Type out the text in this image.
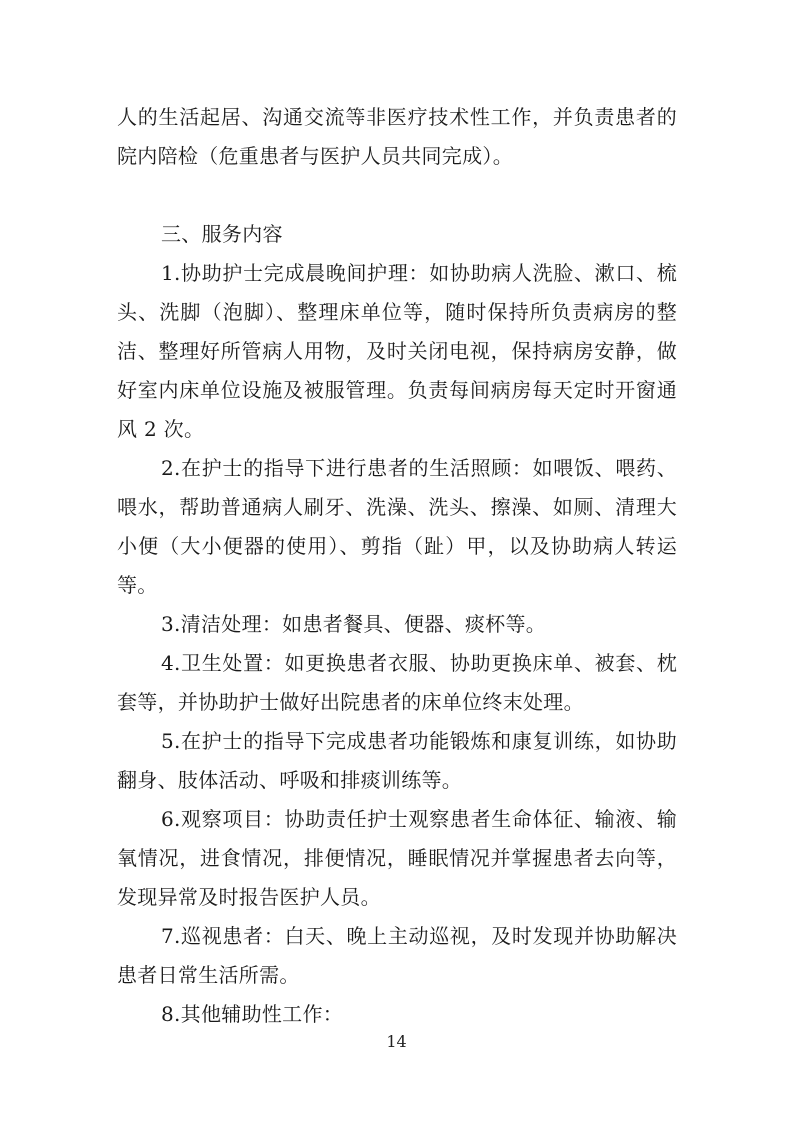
人的生活起居、沟通交流等非医疗技术性工作，并负责患者的院内陪检（危重患者与医护人员共同完成）。

三、服务内容

1.协助护士完成晨晚间护理：如协助病人洗脸、漱口、梳头、洗脚（泡脚）、整理床单位等，随时保持所负责病房的整洁、整理好所管病人用物，及时关闭电视，保持病房安静，做好室内床单位设施及被服管理。负责每间病房每天定时开窗通风 2 次。

2.在护士的指导下进行患者的生活照顾：如喂饭、喂药、喂水，帮助普通病人刷牙、洗澡、洗头、擦澡、如厕、清理大小便（大小便器的使用）、剪指（趾）甲，以及协助病人转运等。

3.清洁处理：如患者餐具、便器、痰杯等。

4.卫生处置：如更换患者衣服、协助更换床单、被套、枕套等，并协助护士做好出院患者的床单位终末处理。

5.在护士的指导下完成患者功能锻炼和康复训练，如协助翻身、肢体活动、呼吸和排痰训练等。

6.观察项目：协助责任护士观察患者生命体征、输液、输氧情况，进食情况，排便情况，睡眠情况并掌握患者去向等，发现异常及时报告医护人员。

7.巡视患者：白天、晚上主动巡视，及时发现并协助解决患者日常生活所需。

8.其他辅助性工作：

14
